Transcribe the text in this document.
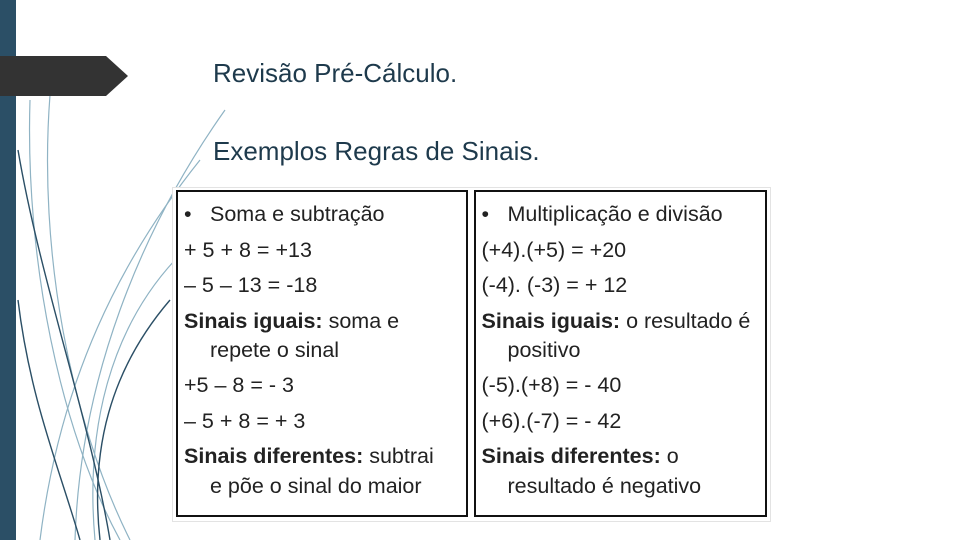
Revisão Pré-Cálculo.
Exemplos Regras de Sinais.
• Soma e subtração
+ 5 + 8 = +13
– 5 – 13 = -18
Sinais iguais: soma e
repete o sinal
+5 – 8 = - 3
– 5 + 8 = + 3
Sinais diferentes: subtrai
e põe o sinal do maior
• Multiplicação e divisão
(+4).(+5) = +20
(-4). (-3) = + 12
Sinais iguais: o resultado é
positivo
(-5).(+8) = - 40
(+6).(-7) = - 42
Sinais diferentes: o
resultado é negativo
